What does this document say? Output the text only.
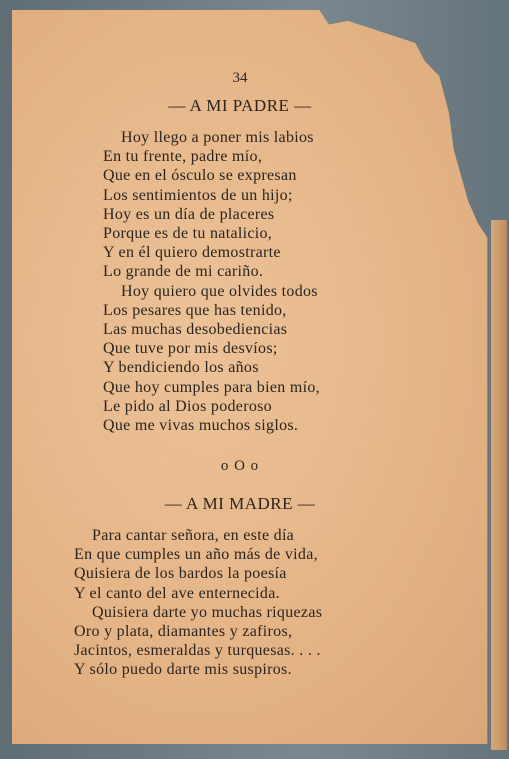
34
— A MI PADRE —
Hoy llego a poner mis labios
En tu frente, padre mío,
Que en el ósculo se expresan
Los sentimientos de un hijo;
Hoy es un día de placeres
Porque es de tu natalicio,
Y en él quiero demostrarte
Lo grande de mi cariño.
Hoy quiero que olvides todos
Los pesares que has tenido,
Las muchas desobediencias
Que tuve por mis desvíos;
Y bendiciendo los años
Que hoy cumples para bien mío,
Le pido al Dios poderoso
Que me vivas muchos siglos.
o O o
— A MI MADRE —
Para cantar señora, en este día
En que cumples un año más de vida,
Quisiera de los bardos la poesía
Y el canto del ave enternecida.
Quisiera darte yo muchas riquezas
Oro y plata, diamantes y zafiros,
Jacintos, esmeraldas y turquesas. . . .
Y sólo puedo darte mis suspiros.
